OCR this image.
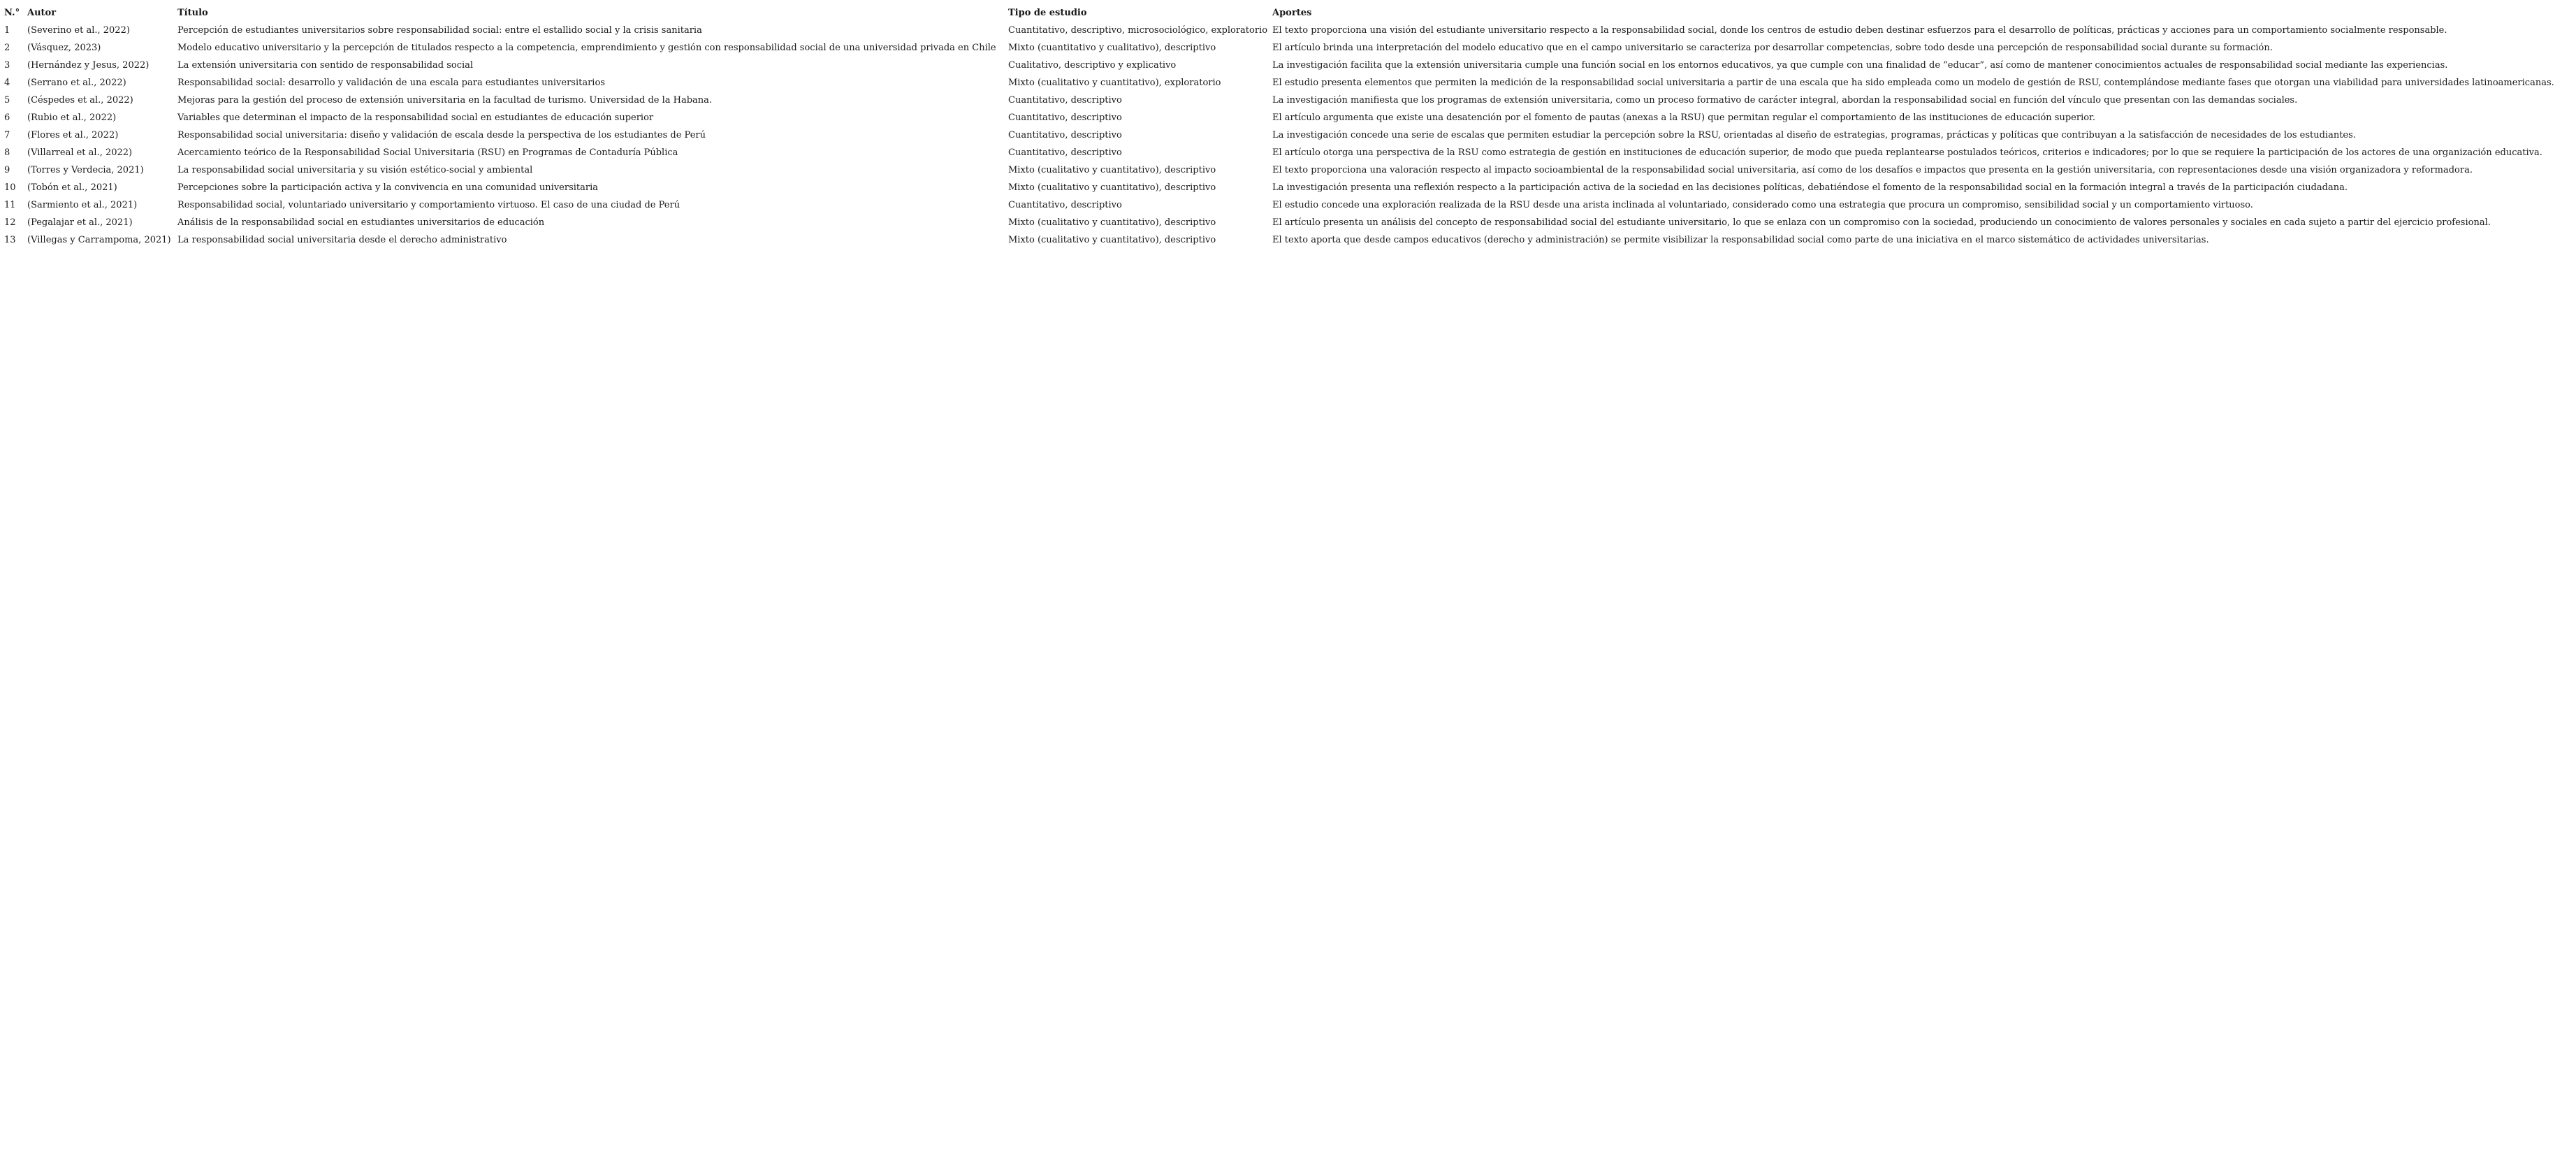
N.°	Autor	Título	Tipo de estudio	Aportes
1	(Severino et al., 2022)	Percepción de estudiantes universitarios sobre responsabilidad social: entre el estallido social y la crisis sanitaria	Cuantitativo, descriptivo, microsociológico, exploratorio	El texto proporciona una visión del estudiante universitario respecto a la responsabilidad social, donde los centros de estudio deben destinar esfuerzos para el desarrollo de políticas, prácticas y acciones para un comportamiento socialmente responsable.
2	(Vásquez, 2023)	Modelo educativo universitario y la percepción de titulados respecto a la competencia, emprendimiento y gestión con responsabilidad social de una universidad privada en Chile	Mixto (cuantitativo y cualitativo), descriptivo	El artículo brinda una interpretación del modelo educativo que en el campo universitario se caracteriza por desarrollar competencias, sobre todo desde una percepción de responsabilidad social durante su formación.
3	(Hernández y Jesus, 2022)	La extensión universitaria con sentido de responsabilidad social	Cualitativo, descriptivo y explicativo	La investigación facilita que la extensión universitaria cumple una función social en los entornos educativos, ya que cumple con una finalidad de “educar”, así como de mantener conocimientos actuales de responsabilidad social mediante las experiencias.
4	(Serrano et al., 2022)	Responsabilidad social: desarrollo y validación de una escala para estudiantes universitarios	Mixto (cualitativo y cuantitativo), exploratorio	El estudio presenta elementos que permiten la medición de la responsabilidad social universitaria a partir de una escala que ha sido empleada como un modelo de gestión de RSU, contemplándose mediante fases que otorgan una viabilidad para universidades latinoamericanas.
5	(Céspedes et al., 2022)	Mejoras para la gestión del proceso de extensión universitaria en la facultad de turismo. Universidad de la Habana.	Cuantitativo, descriptivo	La investigación manifiesta que los programas de extensión universitaria, como un proceso formativo de carácter integral, abordan la responsabilidad social en función del vínculo que presentan con las demandas sociales.
6	(Rubio et al., 2022)	Variables que determinan el impacto de la responsabilidad social en estudiantes de educación superior	Cuantitativo, descriptivo	El artículo argumenta que existe una desatención por el fomento de pautas (anexas a la RSU) que permitan regular el comportamiento de las instituciones de educación superior.
7	(Flores et al., 2022)	Responsabilidad social universitaria: diseño y validación de escala desde la perspectiva de los estudiantes de Perú	Cuantitativo, descriptivo	La investigación concede una serie de escalas que permiten estudiar la percepción sobre la RSU, orientadas al diseño de estrategias, programas, prácticas y políticas que contribuyan a la satisfacción de necesidades de los estudiantes.
8	(Villarreal et al., 2022)	Acercamiento teórico de la Responsabilidad Social Universitaria (RSU) en Programas de Contaduría Pública	Cuantitativo, descriptivo	El artículo otorga una perspectiva de la RSU como estrategia de gestión en instituciones de educación superior, de modo que pueda replantearse postulados teóricos, criterios e indicadores; por lo que se requiere la participación de los actores de una organización educativa.
9	(Torres y Verdecia, 2021)	La responsabilidad social universitaria y su visión estético-social y ambiental	Mixto (cualitativo y cuantitativo), descriptivo	El texto proporciona una valoración respecto al impacto socioambiental de la responsabilidad social universitaria, así como de los desafíos e impactos que presenta en la gestión universitaria, con representaciones desde una visión organizadora y reformadora.
10	(Tobón et al., 2021)	Percepciones sobre la participación activa y la convivencia en una comunidad universitaria	Mixto (cualitativo y cuantitativo), descriptivo	La investigación presenta una reflexión respecto a la participación activa de la sociedad en las decisiones políticas, debatiéndose el fomento de la responsabilidad social en la formación integral a través de la participación ciudadana.
11	(Sarmiento et al., 2021)	Responsabilidad social, voluntariado universitario y comportamiento virtuoso. El caso de una ciudad de Perú	Cuantitativo, descriptivo	El estudio concede una exploración realizada de la RSU desde una arista inclinada al voluntariado, considerado como una estrategia que procura un compromiso, sensibilidad social y un comportamiento virtuoso.
12	(Pegalajar et al., 2021)	Análisis de la responsabilidad social en estudiantes universitarios de educación	Mixto (cualitativo y cuantitativo), descriptivo	El artículo presenta un análisis del concepto de responsabilidad social del estudiante universitario, lo que se enlaza con un compromiso con la sociedad, produciendo un conocimiento de valores personales y sociales en cada sujeto a partir del ejercicio profesional.
13	(Villegas y Carrampoma, 2021)	La responsabilidad social universitaria desde el derecho administrativo	Mixto (cualitativo y cuantitativo), descriptivo	El texto aporta que desde campos educativos (derecho y administración) se permite visibilizar la responsabilidad social como parte de una iniciativa en el marco sistemático de actividades universitarias.
